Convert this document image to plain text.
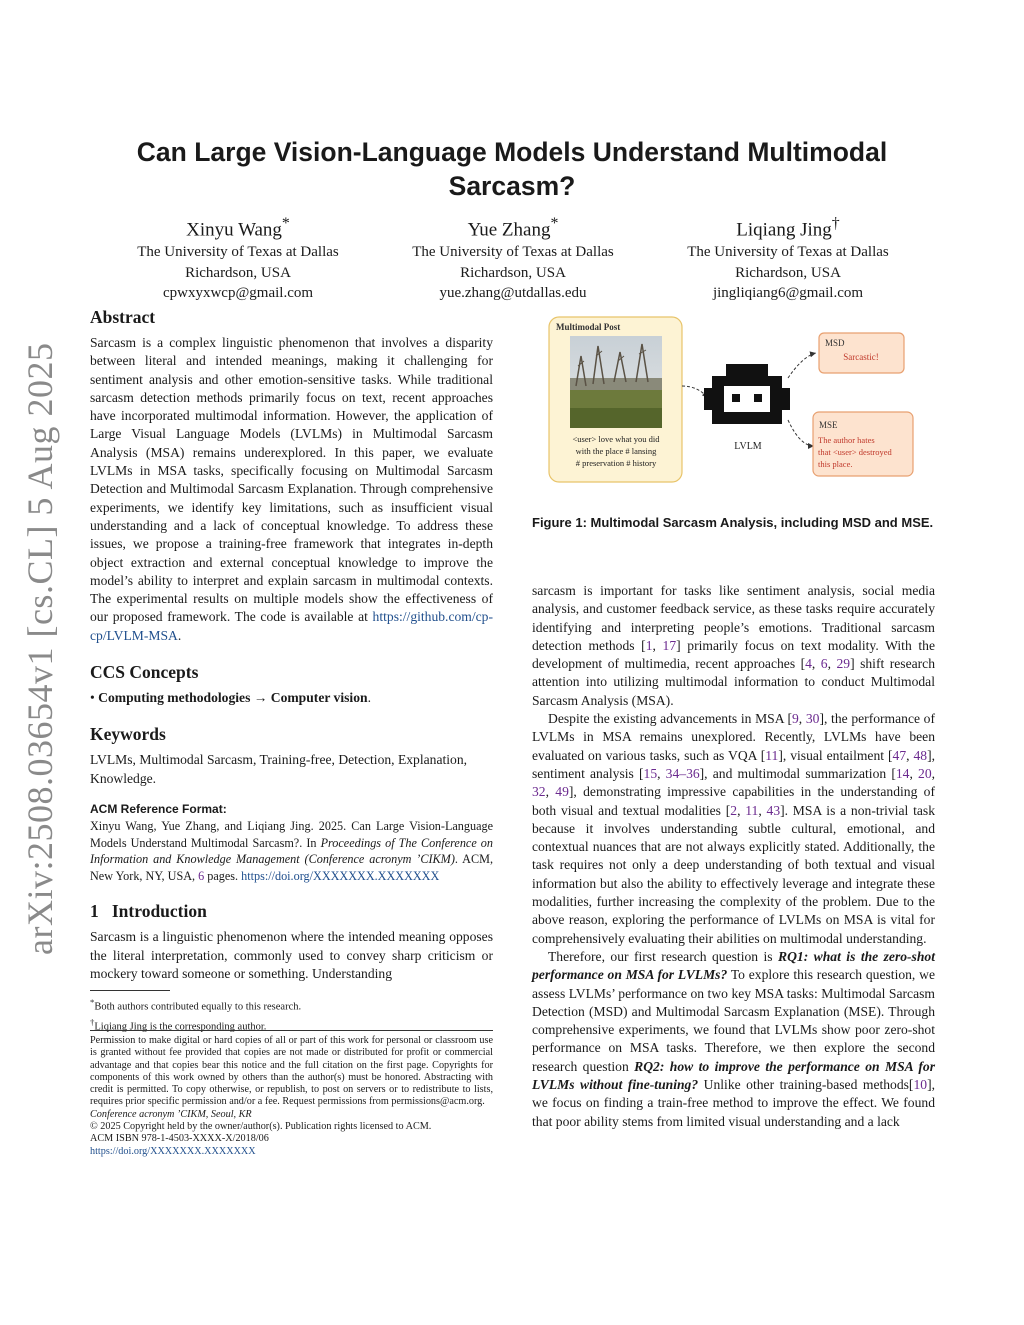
arXiv:2508.03654v1 [cs.CL] 5 Aug 2025
Can Large Vision-Language Models Understand Multimodal Sarcasm?
Xinyu Wang*
The University of Texas at Dallas
Richardson, USA
cpwxyxwcp@gmail.com
Yue Zhang*
The University of Texas at Dallas
Richardson, USA
yue.zhang@utdallas.edu
Liqiang Jing†
The University of Texas at Dallas
Richardson, USA
jingliqiang6@gmail.com
Abstract

Sarcasm is a complex linguistic phenomenon that involves a disparity between literal and intended meanings, making it challenging for sentiment analysis and other emotion-sensitive tasks. While traditional sarcasm detection methods primarily focus on text, recent approaches have incorporated multimodal information. However, the application of Large Visual Language Models (LVLMs) in Multimodal Sarcasm Analysis (MSA) remains underexplored. In this paper, we evaluate LVLMs in MSA tasks, specifically focusing on Multimodal Sarcasm Detection and Multimodal Sarcasm Explanation. Through comprehensive experiments, we identify key limitations, such as insufficient visual understanding and a lack of conceptual knowledge. To address these issues, we propose a training-free framework that integrates in-depth object extraction and external conceptual knowledge to improve the model’s ability to interpret and explain sarcasm in multimodal contexts. The experimental results on multiple models show the effectiveness of our proposed framework. The code is available at https://github.com/cp-cp/LVLM-MSA.

CCS Concepts

• Computing methodologies → Computer vision.

Keywords

LVLMs, Multimodal Sarcasm, Training-free, Detection, Explanation, Knowledge.

ACM Reference Format:

Xinyu Wang, Yue Zhang, and Liqiang Jing. 2025. Can Large Vision-Language Models Understand Multimodal Sarcasm?. In Proceedings of The Conference on Information and Knowledge Management (Conference acronym ’CIKM). ACM, New York, NY, USA, 6 pages. https://doi.org/XXXXXXX.XXXXXXX

1 Introduction

Sarcasm is a linguistic phenomenon where the intended meaning opposes the literal interpretation, commonly used to convey sharp criticism or mockery toward someone or something. Understanding

*Both authors contributed equally to this research.
†Liqiang Jing is the corresponding author.
Permission to make digital or hard copies of all or part of this work for personal or classroom use is granted without fee provided that copies are not made or distributed for profit or commercial advantage and that copies bear this notice and the full citation on the first page. Copyrights for components of this work owned by others than the author(s) must be honored. Abstracting with credit is permitted. To copy otherwise, or republish, to post on servers or to redistribute to lists, requires prior specific permission and/or a fee. Request permissions from permissions@acm.org.
Conference acronym ’CIKM, Seoul, KR
© 2025 Copyright held by the owner/author(s). Publication rights licensed to ACM.
ACM ISBN 978-1-4503-XXXX-X/2018/06
https://doi.org/XXXXXXX.XXXXXXX
Multimodal Post
<user> love what you did
with the place # lansing
# preservation # history
LVLM
MSD
Sarcastic!
MSE
The author hates
that <user> destroyed
this place.
Figure 1: Multimodal Sarcasm Analysis, including MSD and MSE.

sarcasm is important for tasks like sentiment analysis, social media analysis, and customer feedback service, as these tasks require accurately identifying and interpreting people’s emotions. Traditional sarcasm detection methods [1, 17] primarily focus on text modality. With the development of multimedia, recent approaches [4, 6, 29] shift research attention into utilizing multimodal information to conduct Multimodal Sarcasm Analysis (MSA).

Despite the existing advancements in MSA [9, 30], the performance of LVLMs in MSA remains unexplored. Recently, LVLMs have been evaluated on various tasks, such as VQA [11], visual entailment [47, 48], sentiment analysis [15, 34–36], and multimodal summarization [14, 20, 32, 49], demonstrating impressive capabilities in the understanding of both visual and textual modalities [2, 11, 43]. MSA is a non-trivial task because it involves understanding subtle cultural, emotional, and contextual nuances that are not always explicitly stated. Additionally, the task requires not only a deep understanding of both textual and visual information but also the ability to effectively leverage and integrate these modalities, further increasing the complexity of the problem. Due to the above reason, exploring the performance of LVLMs on MSA is vital for comprehensively evaluating their abilities on multimodal understanding.

Therefore, our first research question is RQ1: what is the zero-shot performance on MSA for LVLMs? To explore this research question, we assess LVLMs’ performance on two key MSA tasks: Multimodal Sarcasm Detection (MSD) and Multimodal Sarcasm Explanation (MSE). Through comprehensive experiments, we found that LVLMs show poor zero-shot performance on MSA tasks. Therefore, we then explore the second research question RQ2: how to improve the performance on MSA for LVLMs without fine-tuning? Unlike other training-based methods[10], we focus on finding a train-free method to improve the effect. We found that poor ability stems from limited visual understanding and a lack
